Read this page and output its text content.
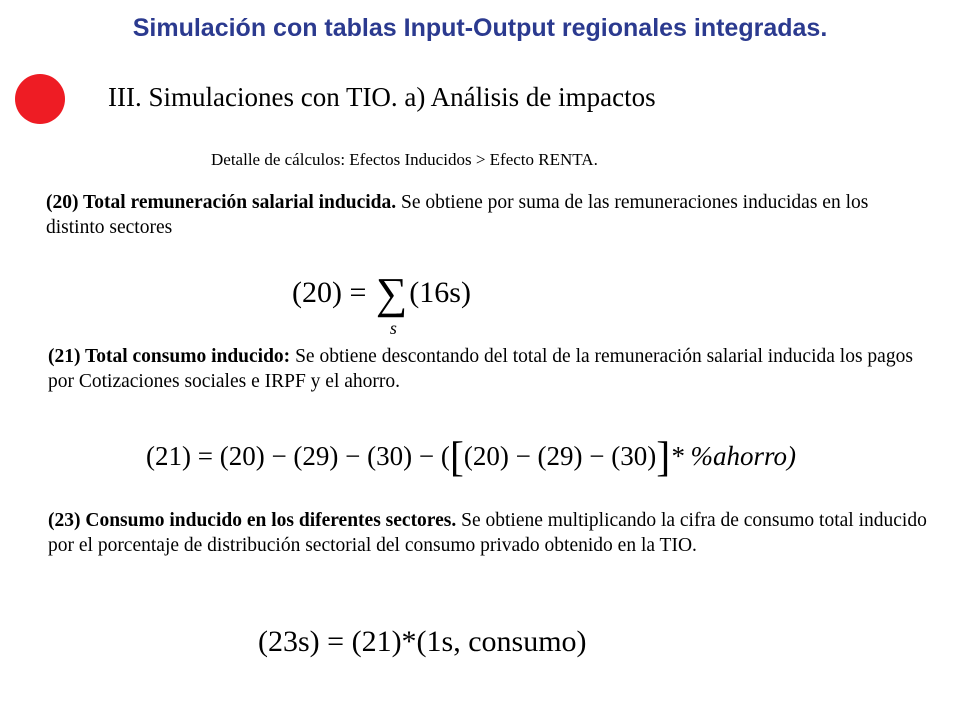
Simulación con tablas Input-Output regionales integradas.
III. Simulaciones con TIO. a) Análisis de impactos
Detalle de cálculos: Efectos Inducidos > Efecto RENTA.
(20) Total remuneración salarial inducida. Se obtiene por suma de las remuneraciones inducidas en los distinto sectores
(20) = ∑
s
(16s)
(21) Total consumo inducido: Se obtiene descontando del total de la remuneración salarial inducida los pagos por Cotizaciones sociales e IRPF y el ahorro.
(21) = (20) − (29) − (30) − ([(20) − (29) − (30)]* %ahorro)
(23) Consumo inducido en los diferentes sectores. Se obtiene multiplicando la cifra de consumo total inducido por el porcentaje de distribución sectorial del consumo privado obtenido en la TIO.
(23s) = (21)*(1s, consumo)
